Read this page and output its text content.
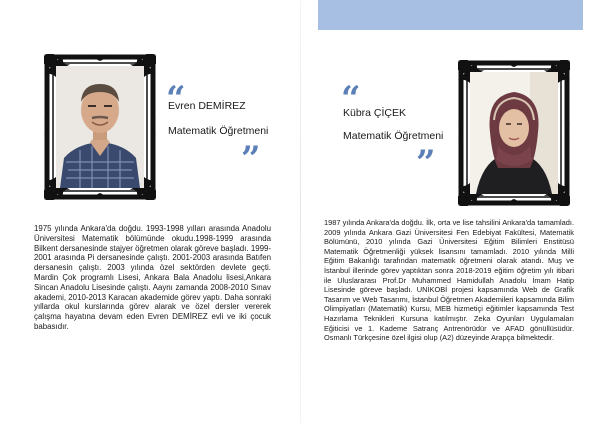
“
Evren DEMİREZ
Matematik Öğretmeni
”

1975 yılında Ankara'da doğdu. 1993-1998 yılları arasında Anadolu Üniversitesi Matematik bölümünde okudu.1998-1999 arasında Bilkent dersanesinde stajyer öğretmen olarak göreve başladı. 1999-2001 arasında Pi dersanesinde çalıştı. 2001-2003 arasında Batıfen dersanesin çalıştı. 2003 yılında özel sektörden devlete geçti. Mardin Çok programlı Lisesi, Ankara Bala Anadolu lisesi,Ankara Sincan Anadolu Lisesinde çalıştı. Aaynı zamanda 2008-2010 Sınav akademi, 2010-2013 Karacan akademide görev yaptı. Daha sonraki yıllarda okul kurslarında görev alarak ve özel dersler vererek çalışma hayatına devam eden Evren DEMİREZ evli ve iki çocuk babasıdır.

“
Kübra ÇİÇEK
Matematik Öğretmeni
”

1987 yılında Ankara'da doğdu. İlk, orta ve lise tahsilini Ankara'da tamamladı. 2009 yılında Ankara Gazi Üniversitesi Fen Edebiyat Fakültesi, Matematik Bölümünü, 2010 yılında Gazi Üniversitesi Eğitim Bilimleri Enstitüsü Matematik Öğretmenliği yüksek lisansını tamamladı. 2010 yılında Milli Eğitim Bakanlığı tarafından matematik öğretmeni olarak atandı. Muş ve İstanbul illerinde görev yaptıktan sonra 2018-2019 eğitim öğretim yılı itibari ile Uluslararası Prof.Dr Muhammed Hamidullah Anadolu İmam Hatip Lisesinde göreve başladı. UNİKOBİ projesi kapsamında Web de Grafik Tasarım ve Web Tasarımı, İstanbul Öğretmen Akademileri kapsamında Bilim Olimpiyatları (Matematik) Kursu, MEB hizmetiçi eğitimler kapsamında Test Hazırlama Teknikleri Kursuna katılmıştır. Zeka Oyunları Uygulamaları Eğiticisi ve 1. Kademe Satranç Antrenörüdür ve AFAD gönüllüsüdür. Osmanlı Türkçesine özel ilgisi olup (A2) düzeyinde Arapça bilmektedir.
